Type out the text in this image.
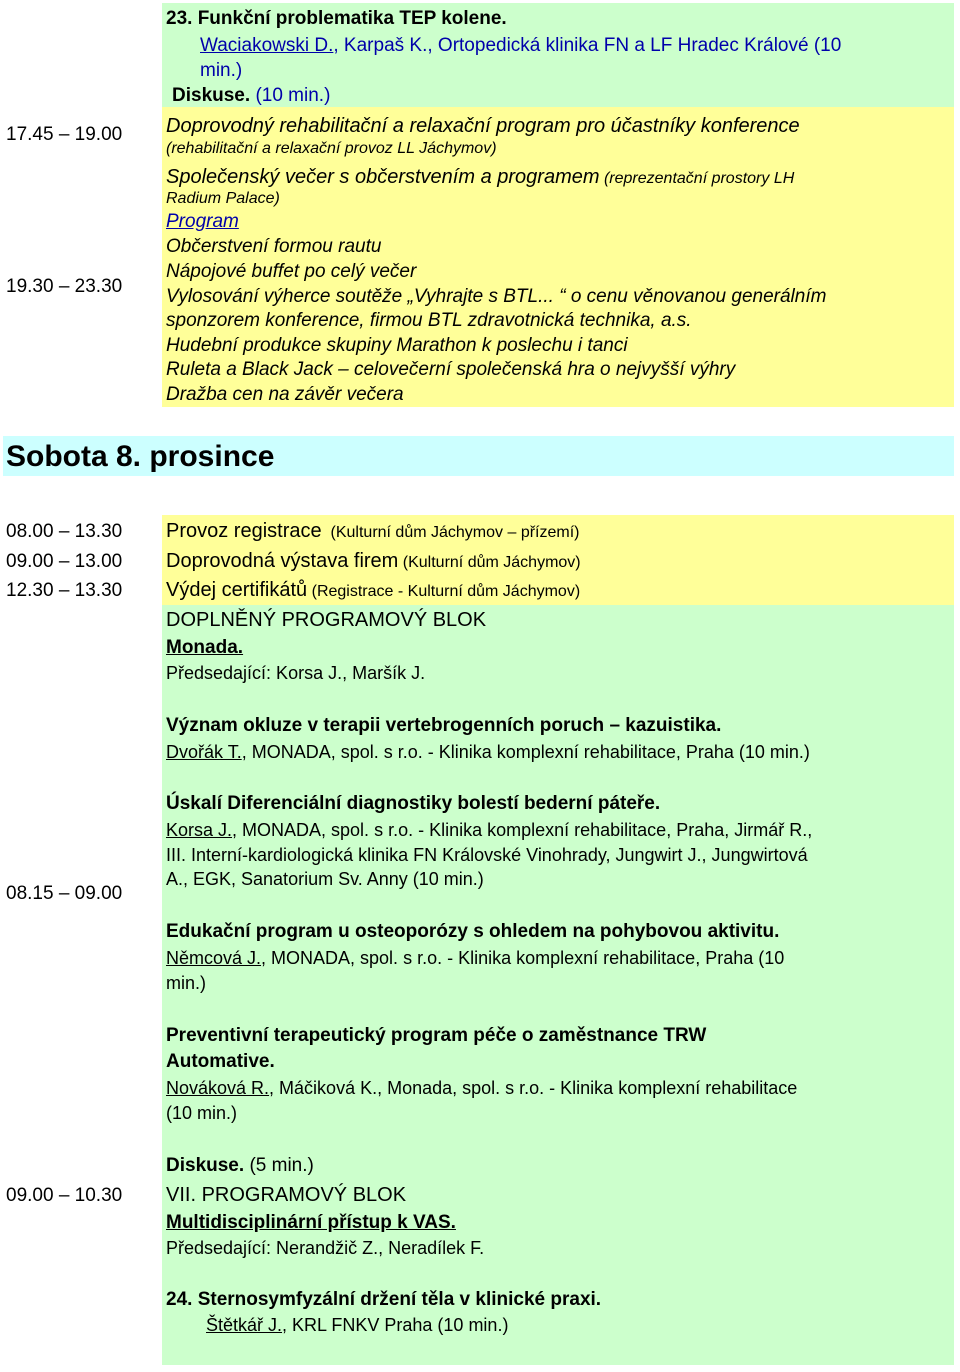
23. Funkční problematika TEP kolene.
Waciakowski D., Karpaš K., Ortopedická klinika FN a LF Hradec Králové (10
min.)
Diskuse. (10 min.)
17.45 – 19.00 Doprovodný rehabilitační a relaxační program pro účastníky konference
(rehabilitační a relaxační provoz LL Jáchymov)
Společenský večer s občerstvením a programem (reprezentační prostory LH
Radium Palace)
Program
Občerstvení formou rautu
Nápojové buffet po celý večer
19.30 – 23.30 Vylosování výherce soutěže „Vyhrajte s BTL... “ o cenu věnovanou generálním
sponzorem konference, firmou BTL zdravotnická technika, a.s.
Hudební produkce skupiny Marathon k poslechu i tanci
Ruleta a Black Jack – celovečerní společenská hra o nejvyšší výhry
Dražba cen na závěr večera
Sobota 8. prosince
08.00 – 13.30 Provoz registrace (Kulturní dům Jáchymov – přízemí)
09.00 – 13.00 Doprovodná výstava firem (Kulturní dům Jáchymov)
12.30 – 13.30 Výdej certifikátů (Registrace - Kulturní dům Jáchymov)
DOPLNĚNÝ PROGRAMOVÝ BLOK
Monada.
Předsedající: Korsa J., Maršík J.
Význam okluze v terapii vertebrogenních poruch – kazuistika.
Dvořák T., MONADA, spol. s r.o. - Klinika komplexní rehabilitace, Praha (10 min.)
Úskalí Diferenciální diagnostiky bolestí bederní páteře.
Korsa J., MONADA, spol. s r.o. - Klinika komplexní rehabilitace, Praha, Jirmář R.,
III. Interní-kardiologická klinika FN Královské Vinohrady, Jungwirt J., Jungwirtová
A., EGK, Sanatorium Sv. Anny (10 min.)
08.15 – 09.00
Edukační program u osteoporózy s ohledem na pohybovou aktivitu.
Němcová J., MONADA, spol. s r.o. - Klinika komplexní rehabilitace, Praha (10
min.)
Preventivní terapeutický program péče o zaměstnance TRW
Automative.
Nováková R., Máčiková K., Monada, spol. s r.o. - Klinika komplexní rehabilitace
(10 min.)
Diskuse. (5 min.)
09.00 – 10.30 VII. PROGRAMOVÝ BLOK
Multidisciplinární přístup k VAS.
Předsedající: Nerandžič Z., Neradílek F.
24. Sternosymfyzální držení těla v klinické praxi.
Štětkář J., KRL FNKV Praha (10 min.)
